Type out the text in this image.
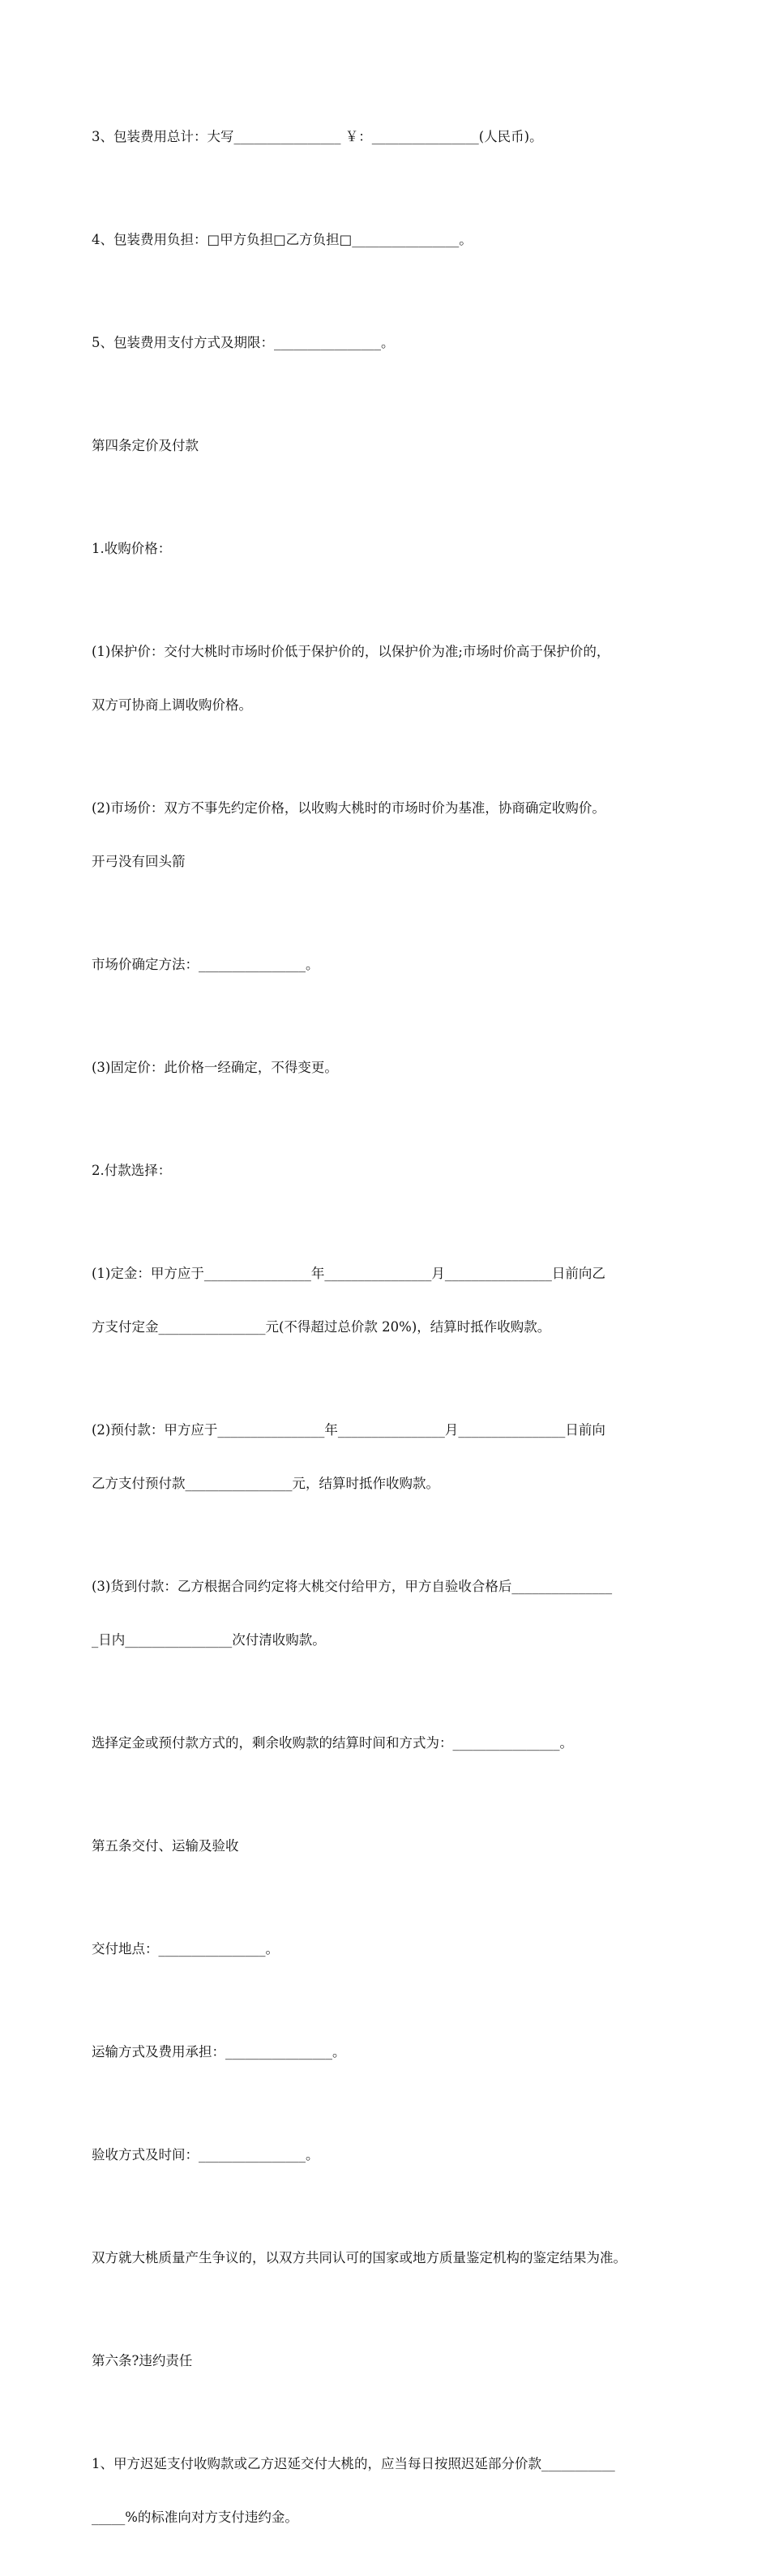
3、包装费用总计：大写________________ ￥：________________(人民币)。

4、包装费用负担：□甲方负担□乙方负担□________________。

5、包装费用支付方式及期限：________________。

第四条定价及付款

1.收购价格：

(1)保护价：交付大桃时市场时价低于保护价的，以保护价为准;市场时价高于保护价的，

双方可协商上调收购价格。

(2)市场价：双方不事先约定价格，以收购大桃时的市场时价为基准，协商确定收购价。

开弓没有回头箭

市场价确定方法：________________。

(3)固定价：此价格一经确定，不得变更。

2.付款选择：

(1)定金：甲方应于________________年________________月________________日前向乙

方支付定金________________元(不得超过总价款 20%)，结算时抵作收购款。

(2)预付款：甲方应于________________年________________月________________日前向

乙方支付预付款________________元，结算时抵作收购款。

(3)货到付款：乙方根据合同约定将大桃交付给甲方，甲方自验收合格后_______________

_日内________________次付清收购款。

选择定金或预付款方式的，剩余收购款的结算时间和方式为：________________。

第五条交付、运输及验收

交付地点：________________。

运输方式及费用承担：________________。

验收方式及时间：________________。

双方就大桃质量产生争议的，以双方共同认可的国家或地方质量鉴定机构的鉴定结果为准。

第六条?违约责任

1、甲方迟延支付收购款或乙方迟延交付大桃的，应当每日按照迟延部分价款___________

_____%的标准向对方支付违约金。
